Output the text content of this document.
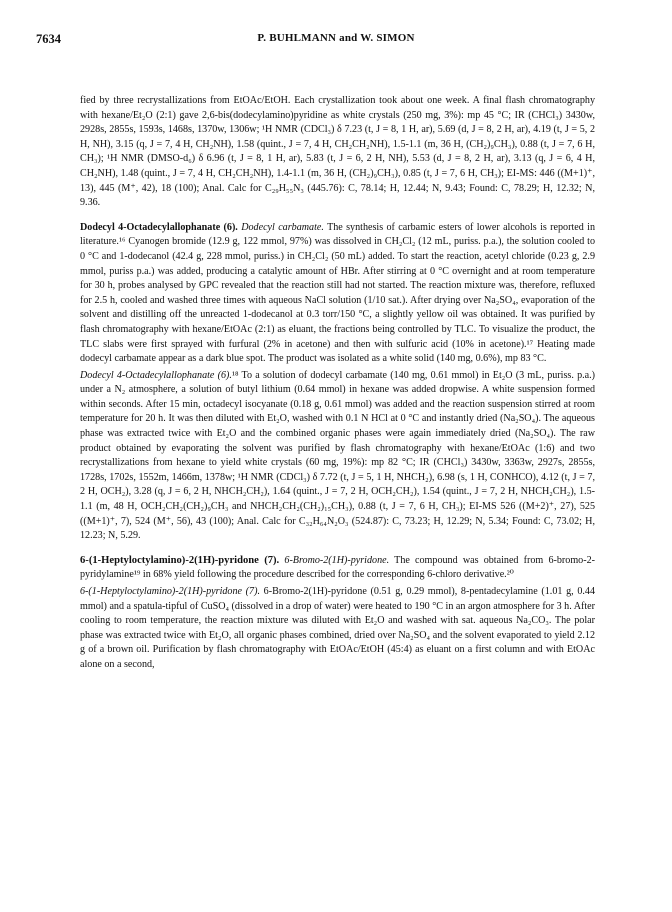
7634	P. BUHLMANN and W. SIMON

fied by three recrystallizations from EtOAc/EtOH. Each crystallization took about one week. A final flash chromatography with hexane/Et₂O (2:1) gave 2,6-bis(dodecylamino)pyridine as white crystals (250 mg, 3%): mp 45 °C; IR (CHCl₃) 3430w, 2928s, 2855s, 1593s, 1468s, 1370w, 1306w; ¹H NMR (CDCl₃) δ 7.23 (t, J = 8, 1 H, ar), 5.69 (d, J = 8, 2 H, ar), 4.19 (t, J = 5, 2 H, NH), 3.15 (q, J = 7, 4 H, CH₂NH), 1.58 (quint., J = 7, 4 H, CH₂CH₂NH), 1.5-1.1 (m, 36 H, (CH₂)₉CH₃), 0.88 (t, J = 7, 6 H, CH₃); ¹H NMR (DMSO-d₆) δ 6.96 (t, J = 8, 1 H, ar), 5.83 (t, J = 6, 2 H, NH), 5.53 (d, J = 8, 2 H, ar), 3.13 (q, J = 6, 4 H, CH₂NH), 1.48 (quint., J = 7, 4 H, CH₂CH₂NH), 1.4-1.1 (m, 36 H, (CH₂)₉CH₃), 0.85 (t, J = 7, 6 H, CH₃); EI-MS: 446 ((M+1)⁺, 13), 445 (M⁺, 42), 18 (100); Anal. Calc for C₂₉H₅₅N₃ (445.76): C, 78.14; H, 12.44; N, 9.43; Found: C, 78.29; H, 12.32; N, 9.36.

Dodecyl 4-Octadecylallophanate (6). Dodecyl carbamate. The synthesis of carbamic esters of lower alcohols is reported in literature.¹⁶ Cyanogen bromide (12.9 g, 122 mmol, 97%) was dissolved in CH₂Cl₂ (12 mL, puriss. p.a.), the solution cooled to 0 °C and 1-dodecanol (42.4 g, 228 mmol, puriss.) in CH₂Cl₂ (50 mL) added. To start the reaction, acetyl chloride (0.23 g, 2.9 mmol, puriss p.a.) was added, producing a catalytic amount of HBr. After stirring at 0 °C overnight and at room temperature for 30 h, probes analysed by GPC revealed that the reaction still had not started. The reaction mixture was, therefore, refluxed for 2.5 h, cooled and washed three times with aqueous NaCl solution (1/10 sat.). After drying over Na₂SO₄, evaporation of the solvent and distilling off the unreacted 1-dodecanol at 0.3 torr/150 °C, a slightly yellow oil was obtained. It was purified by flash chromatography with hexane/EtOAc (2:1) as eluant, the fractions being controlled by TLC. To visualize the product, the TLC slabs were first sprayed with furfural (2% in acetone) and then with sulfuric acid (10% in acetone).¹⁷ Heating made dodecyl carbamate appear as a dark blue spot. The product was isolated as a white solid (140 mg, 0.6%), mp 83 °C.

Dodecyl 4-Octadecylallophanate (6).¹⁸ To a solution of dodecyl carbamate (140 mg, 0.61 mmol) in Et₂O (3 mL, puriss. p.a.) under a N₂ atmosphere, a solution of butyl lithium (0.64 mmol) in hexane was added dropwise. A white suspension formed within seconds. After 15 min, octadecyl isocyanate (0.18 g, 0.61 mmol) was added and the reaction suspension stirred at room temperature for 20 h. It was then diluted with Et₂O, washed with 0.1 N HCl at 0 °C and instantly dried (Na₂SO₄). The aqueous phase was extracted twice with Et₂O and the combined organic phases were again immediately dried (Na₂SO₄). The raw product obtained by evaporating the solvent was purified by flash chromatography with hexane/EtOAc (1:6) and two recrystallizations from hexane to yield white crystals (60 mg, 19%): mp 82 °C; IR (CHCl₃) 3430w, 3363w, 2927s, 2855s, 1728s, 1702s, 1552m, 1466m, 1378w; ¹H NMR (CDCl₃) δ 7.72 (t, J = 5, 1 H, NHCH₂), 6.98 (s, 1 H, CONHCO), 4.12 (t, J = 7, 2 H, OCH₂), 3.28 (q, J = 6, 2 H, NHCH₂CH₂), 1.64 (quint., J = 7, 2 H, OCH₂CH₂), 1.54 (quint., J = 7, 2 H, NHCH₂CH₂), 1.5-1.1 (m, 48 H, OCH₂CH₂(CH₂)₉CH₃ and NHCH₂CH₂(CH₂)₁₅CH₃), 0.88 (t, J = 7, 6 H, CH₃); EI-MS 526 ((M+2)⁺, 27), 525 ((M+1)⁺, 7), 524 (M⁺, 56), 43 (100); Anal. Calc for C₃₂H₆₄N₂O₃ (524.87): C, 73.23; H, 12.29; N, 5.34; Found: C, 73.02; H, 12.23; N, 5.29.

6-(1-Heptyloctylamino)-2(1H)-pyridone (7). 6-Bromo-2(1H)-pyridone. The compound was obtained from 6-bromo-2-pyridylamine¹⁹ in 68% yield following the procedure described for the corresponding 6-chloro derivative.²⁰

6-(1-Heptyloctylamino)-2(1H)-pyridone (7). 6-Bromo-2(1H)-pyridone (0.51 g, 0.29 mmol), 8-pentadecylamine (1.01 g, 0.44 mmol) and a spatula-tipful of CuSO₄ (dissolved in a drop of water) were heated to 190 °C in an argon atmosphere for 3 h. After cooling to room temperature, the reaction mixture was diluted with Et₂O and washed with sat. aqueous Na₂CO₃. The polar phase was extracted twice with Et₂O, all organic phases combined, dried over Na₂SO₄ and the solvent evaporated to yield 2.12 g of a brown oil. Purification by flash chromatography with EtOAc/EtOH (45:4) as eluant on a first column and with EtOAc alone on a second,
